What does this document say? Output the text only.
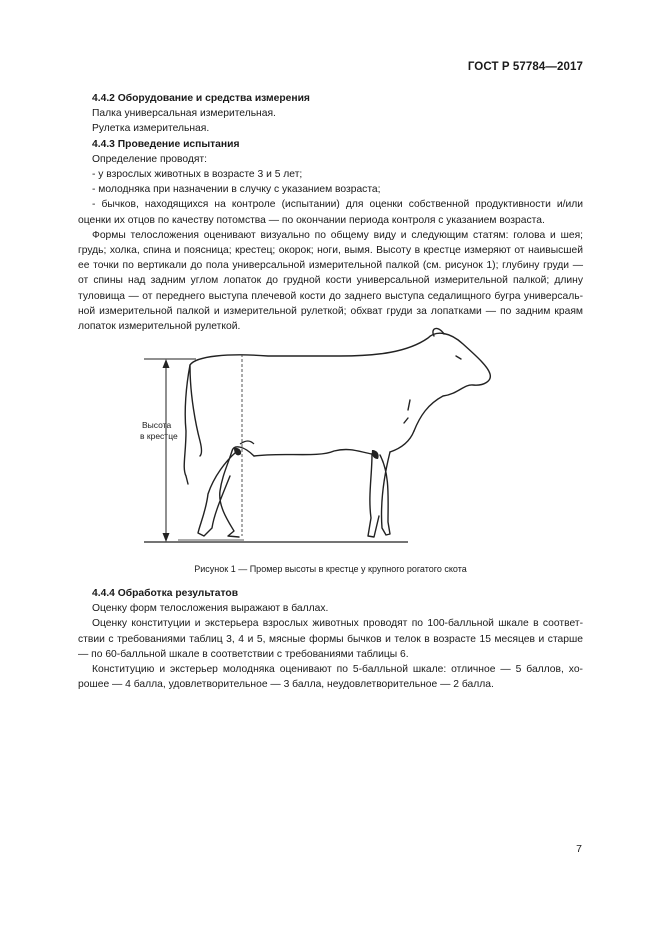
ГОСТ Р 57784—2017

4.4.2 Оборудование и средства измерения

Палка универсальная измерительная.

Рулетка измерительная.

4.4.3 Проведение испытания

Определение проводят:

- у взрослых животных в возрасте 3 и 5 лет;

- молодняка при назначении в случку с указанием возраста;

- бычков, находящихся на контроле (испытании) для оценки собственной продуктивности и/или оценки их отцов по качеству потомства — по окончании периода контроля с указанием возраста.

Формы телосложения оценивают визуально по общему виду и следующим статям: голова и шея; грудь; холка, спина и поясница; крестец; окорок; ноги, вымя. Высоту в крестце измеряют от наивысшей ее точки по вертикали до пола универсальной измерительной палкой (см. рисунок 1); глубину груди — от спины над задним углом лопаток до грудной кости универсальной измерительной палкой; длину туловища — от переднего выступа плечевой кости до заднего выступа седалищного бугра универсаль-ной измерительной палкой и измерительной рулеткой; обхват груди за лопатками — по задним краям лопаток измерительной рулеткой.

Высота
в крестце
Рисунок 1 — Промер высоты в крестце у крупного рогатого скота

4.4.4 Обработка результатов

Оценку форм телосложения выражают в баллах.

Оценку конституции и экстерьера взрослых животных проводят по 100-балльной шкале в соответ-ствии с требованиями таблиц 3, 4 и 5, мясные формы бычков и телок в возрасте 15 месяцев и старше — по 60-балльной шкале в соответствии с требованиями таблицы 6.

Конституцию и экстерьер молодняка оценивают по 5-балльной шкале: отличное — 5 баллов, хо-рошее — 4 балла, удовлетворительное — 3 балла, неудовлетворительное — 2 балла.

7
